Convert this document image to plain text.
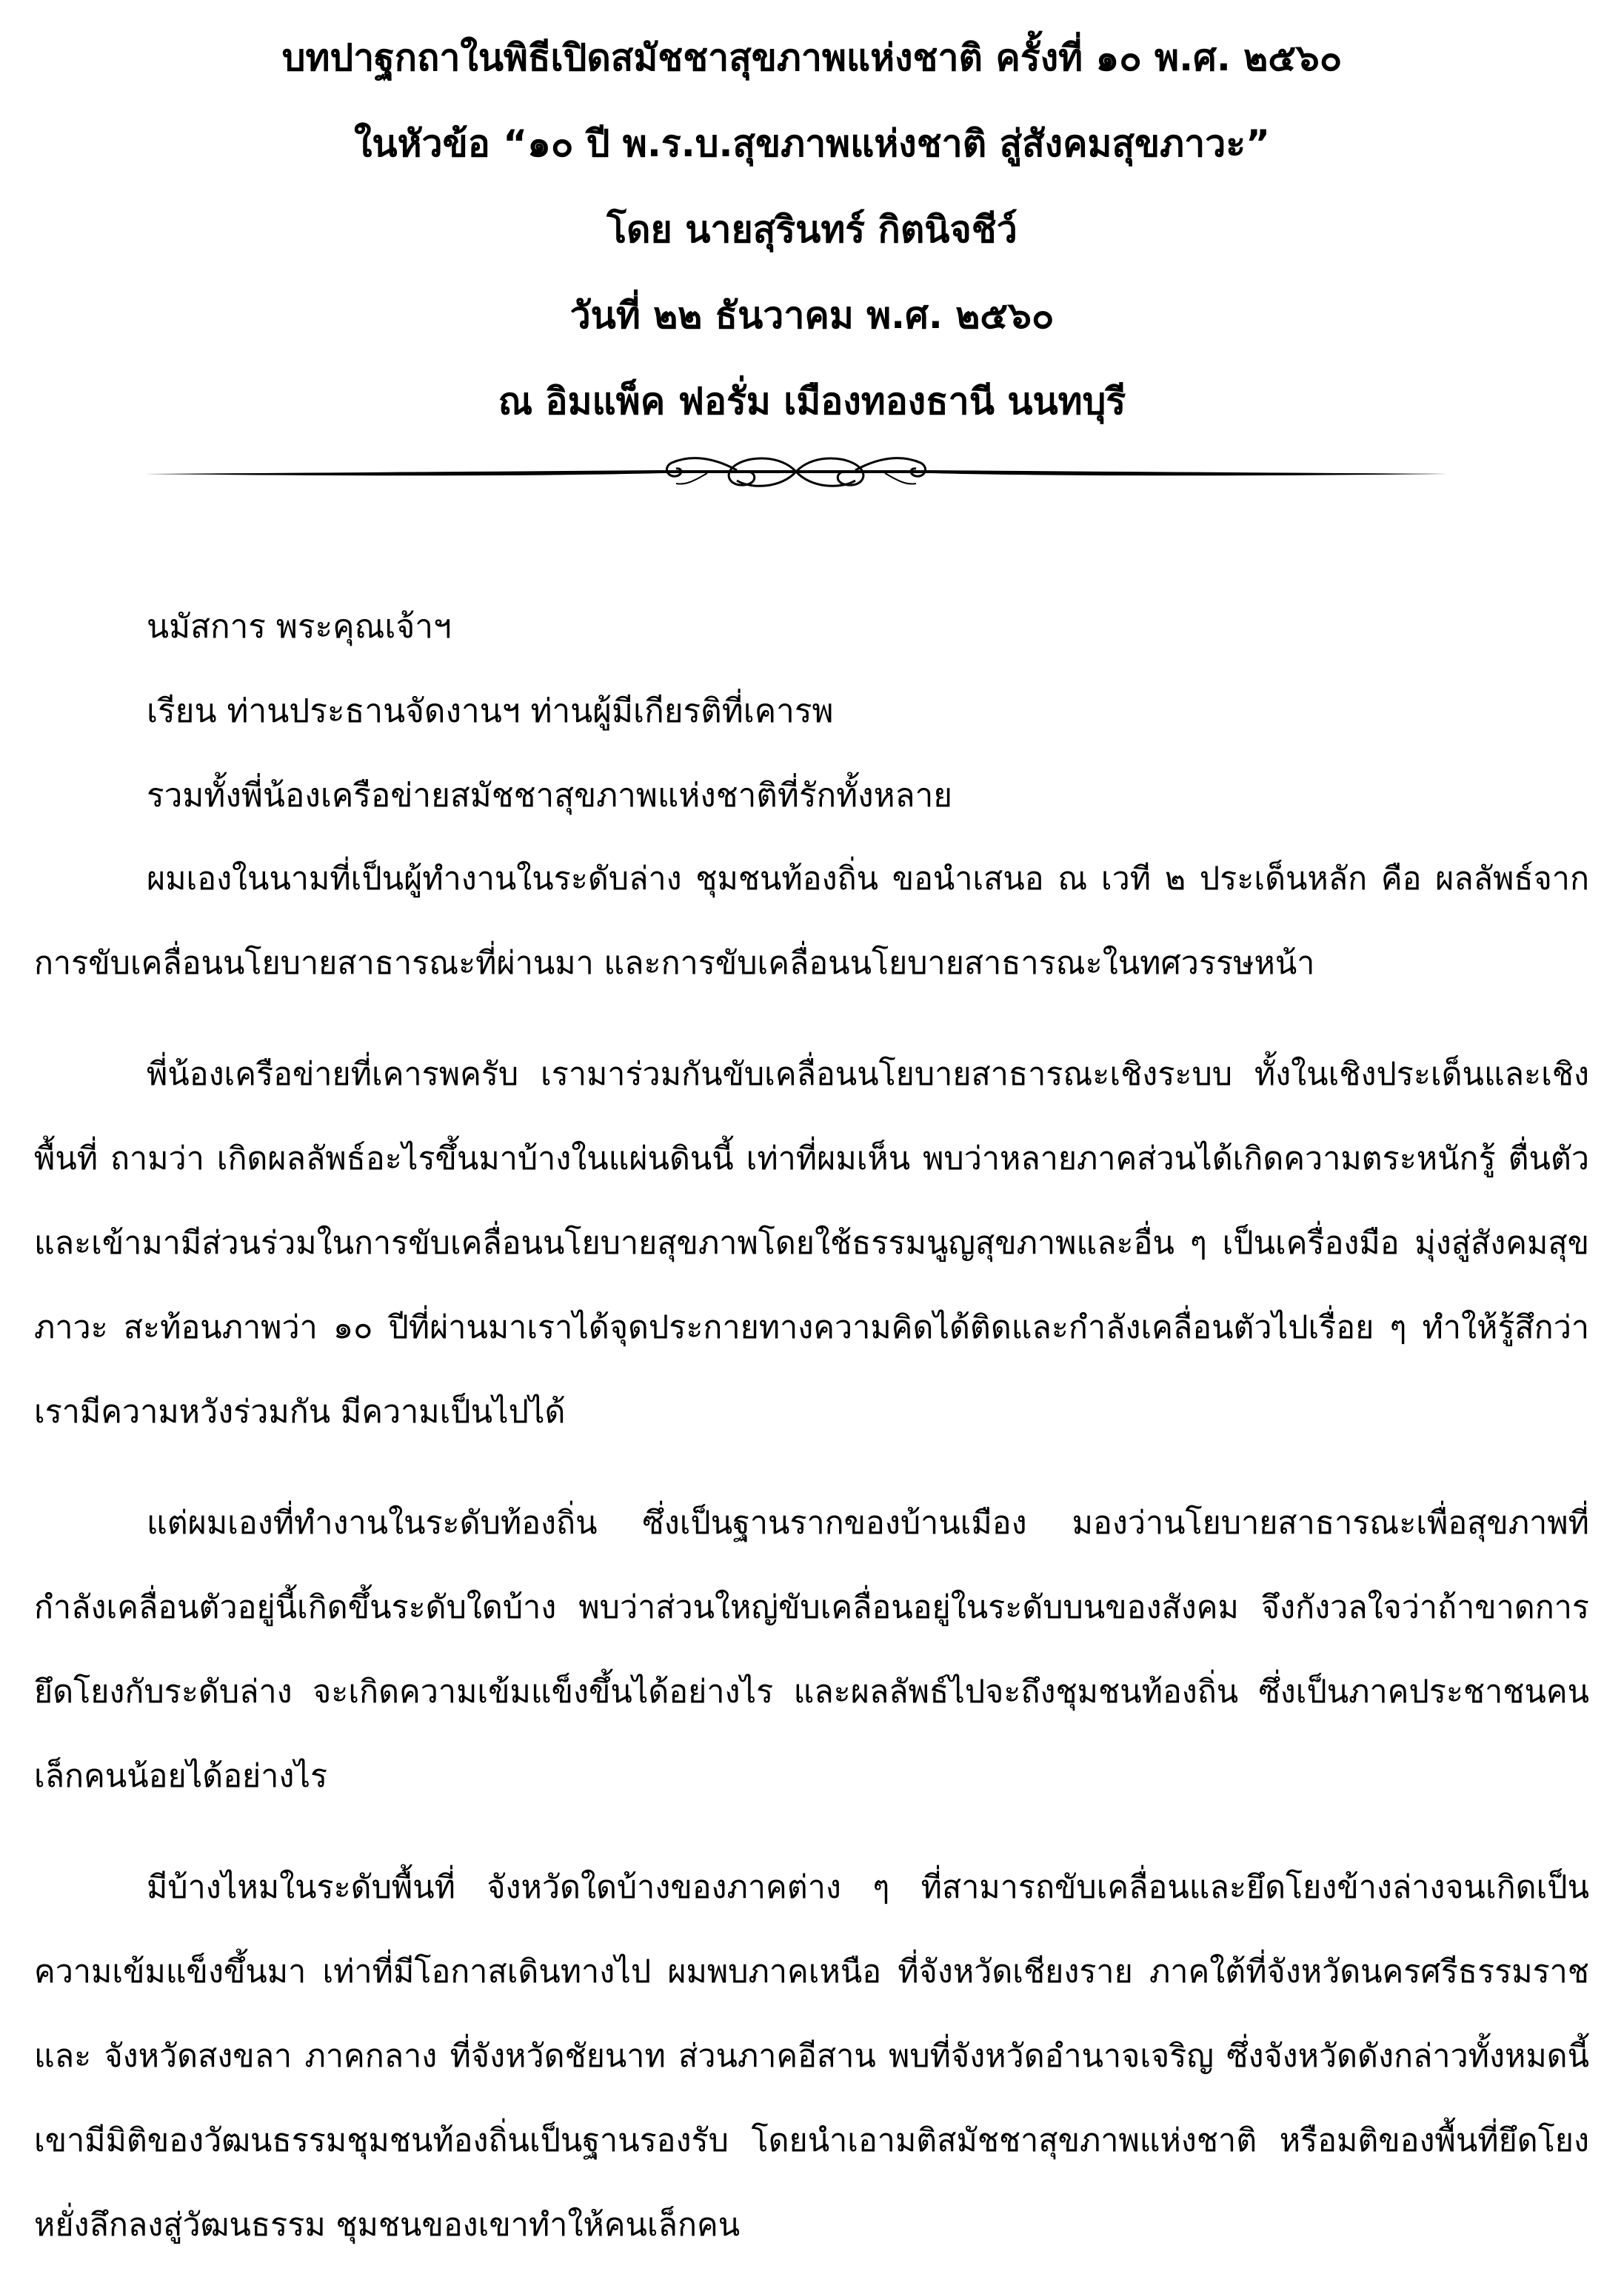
บทปาฐกถาในพิธีเปิดสมัชชาสุขภาพแห่งชาติ ครั้งที่ ๑๐ พ.ศ. ๒๕๖๐
ในหัวข้อ “๑๐ ปี พ.ร.บ.สุขภาพแห่งชาติ สู่สังคมสุขภาวะ”
โดย นายสุรินทร์ กิตนิจชีว์
วันที่ ๒๒ ธันวาคม พ.ศ. ๒๕๖๐
ณ อิมแพ็ค ฟอรั่ม เมืองทองธานี นนทบุรี
นมัสการ พระคุณเจ้าฯ
เรียน ท่านประธานจัดงานฯ ท่านผู้มีเกียรติที่เคารพ
รวมทั้งพี่น้องเครือข่ายสมัชชาสุขภาพแห่งชาติที่รักทั้งหลาย

ผมเองในนามที่เป็นผู้ทำงานในระดับล่าง ชุมชนท้องถิ่น ขอนำเสนอ ณ เวที ๒ ประเด็นหลัก คือ ผลลัพธ์จากการขับเคลื่อนนโยบายสาธารณะที่ผ่านมา และการขับเคลื่อนนโยบายสาธารณะในทศวรรษหน้า

พี่น้องเครือข่ายที่เคารพครับ เรามาร่วมกันขับเคลื่อนนโยบายสาธารณะเชิงระบบ ทั้งในเชิงประเด็นและเชิงพื้นที่ ถามว่า เกิดผลลัพธ์อะไรขึ้นมาบ้างในแผ่นดินนี้ เท่าที่ผมเห็น พบว่าหลายภาคส่วนได้เกิดความตระหนักรู้ ตื่นตัว และเข้ามามีส่วนร่วมในการขับเคลื่อนนโยบายสุขภาพโดยใช้ธรรมนูญสุขภาพและอื่น ๆ เป็นเครื่องมือ มุ่งสู่สังคมสุขภาวะ สะท้อนภาพว่า ๑๐ ปีที่ผ่านมาเราได้จุดประกายทางความคิดได้ติดและกำลังเคลื่อนตัวไปเรื่อย ๆ ทำให้รู้สึกว่าเรามีความหวังร่วมกัน มีความเป็นไปได้

แต่ผมเองที่ทำงานในระดับท้องถิ่น ซึ่งเป็นฐานรากของบ้านเมือง มองว่านโยบายสาธารณะเพื่อสุขภาพที่กำลังเคลื่อนตัวอยู่นี้เกิดขึ้นระดับใดบ้าง พบว่าส่วนใหญ่ขับเคลื่อนอยู่ในระดับบนของสังคม จึงกังวลใจว่าถ้าขาดการยึดโยงกับระดับล่าง จะเกิดความเข้มแข็งขึ้นได้อย่างไร และผลลัพธ์ไปจะถึงชุมชนท้องถิ่น ซึ่งเป็นภาคประชาชนคนเล็กคนน้อยได้อย่างไร

มีบ้างไหมในระดับพื้นที่ จังหวัดใดบ้างของภาคต่าง ๆ ที่สามารถขับเคลื่อนและยึดโยงข้างล่างจนเกิดเป็นความเข้มแข็งขึ้นมา เท่าที่มีโอกาสเดินทางไป ผมพบภาคเหนือ ที่จังหวัดเชียงราย ภาคใต้ที่จังหวัดนครศรีธรรมราช และ จังหวัดสงขลา ภาคกลาง ที่จังหวัดชัยนาท ส่วนภาคอีสาน พบที่จังหวัดอำนาจเจริญ ซึ่งจังหวัดดังกล่าวทั้งหมดนี้ เขามีมิติของวัฒนธรรมชุมชนท้องถิ่นเป็นฐานรองรับ โดยนำเอามติสมัชชาสุขภาพแห่งชาติ หรือมติของพื้นที่ยึดโยงหยั่งลึกลงสู่วัฒนธรรม ชุมชนของเขาทำให้คนเล็กคน
